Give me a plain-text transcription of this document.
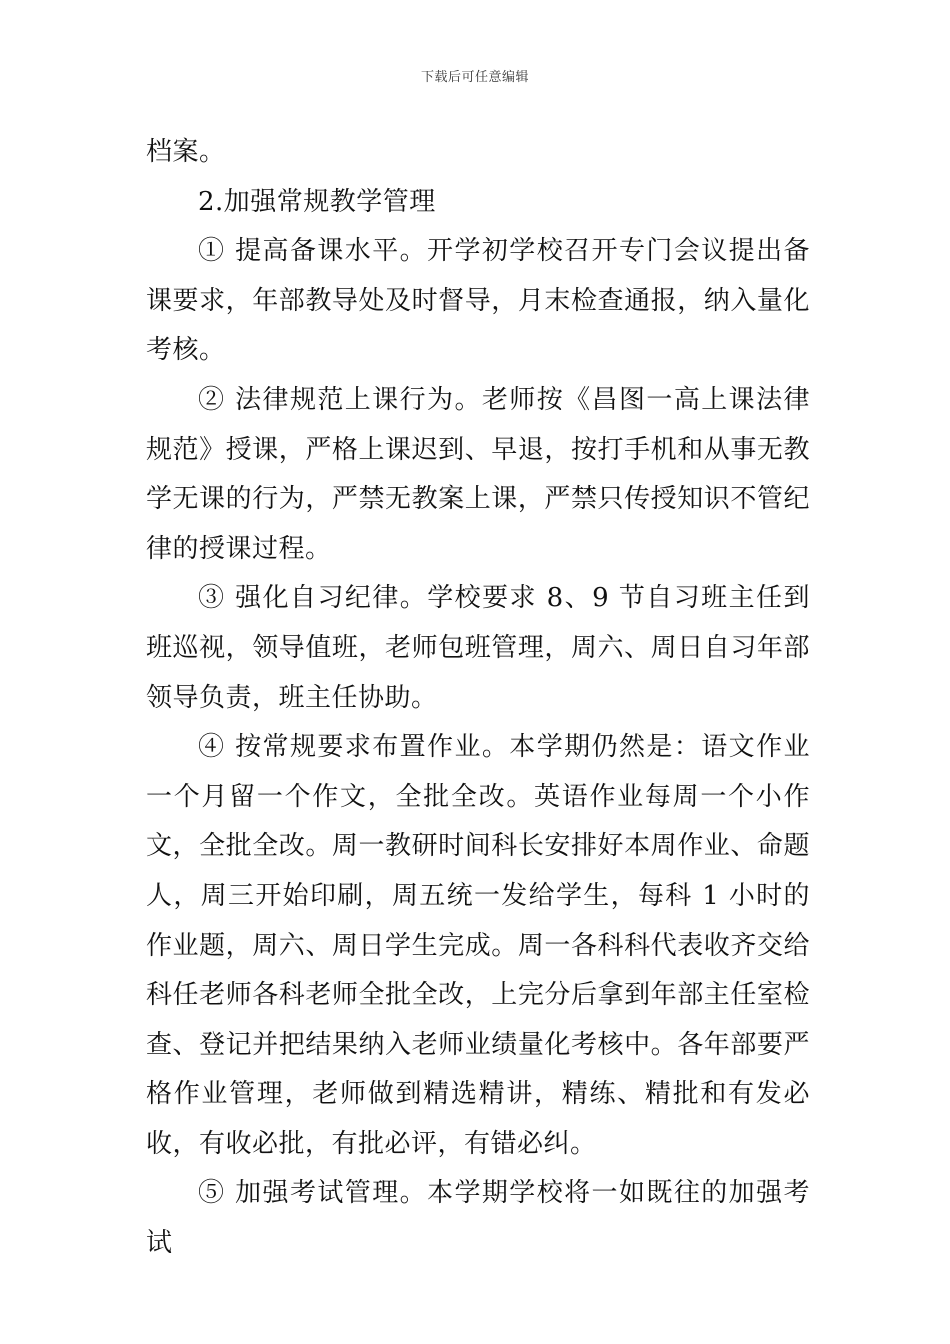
下载后可任意编辑

档案。

2.加强常规教学管理

① 提高备课水平。开学初学校召开专门会议提出备课要求，年部教导处及时督导，月末检查通报，纳入量化考核。

② 法律规范上课行为。老师按《昌图一高上课法律规范》授课，严格上课迟到、早退，按打手机和从事无教学无课的行为，严禁无教案上课，严禁只传授知识不管纪律的授课过程。

③ 强化自习纪律。学校要求 8、9 节自习班主任到班巡视，领导值班，老师包班管理，周六、周日自习年部领导负责，班主任协助。

④ 按常规要求布置作业。本学期仍然是：语文作业一个月留一个作文，全批全改。英语作业每周一个小作文，全批全改。周一教研时间科长安排好本周作业、命题人，周三开始印刷，周五统一发给学生，每科 1 小时的作业题，周六、周日学生完成。周一各科科代表收齐交给科任老师各科老师全批全改，上完分后拿到年部主任室检查、登记并把结果纳入老师业绩量化考核中。各年部要严格作业管理，老师做到精选精讲，精练、精批和有发必收，有收必批，有批必评，有错必纠。

⑤ 加强考试管理。本学期学校将一如既往的加强考试
